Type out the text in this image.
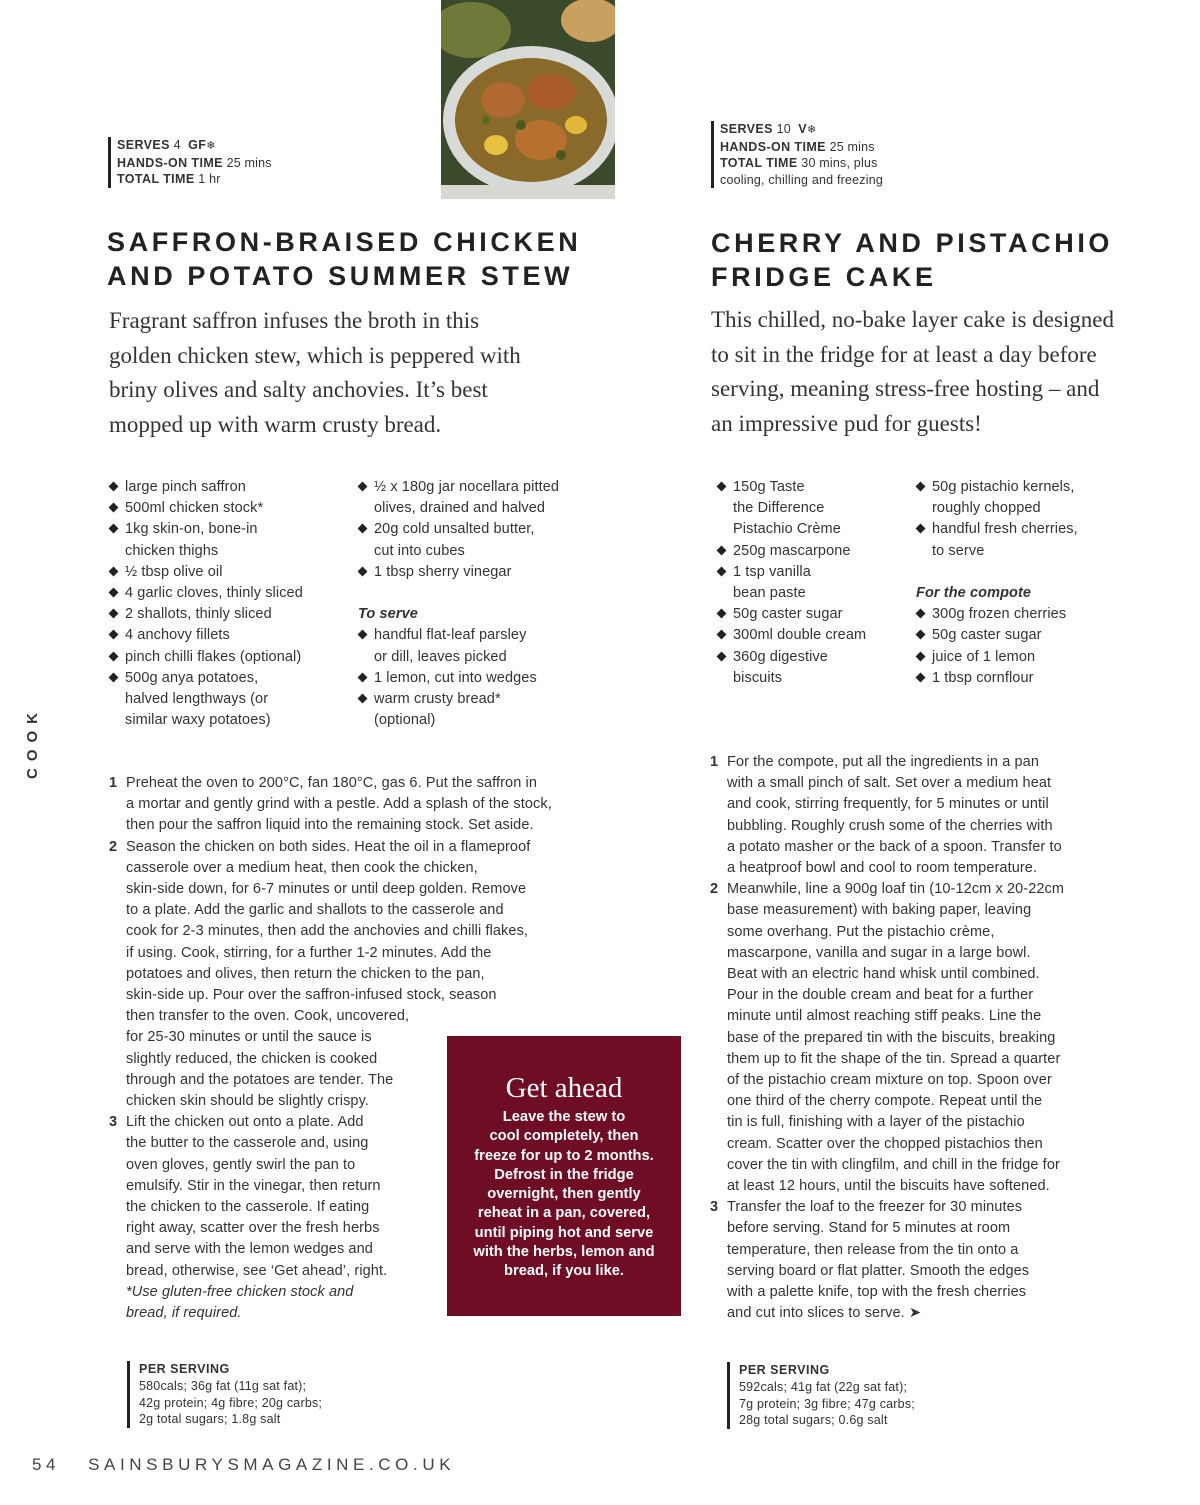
SERVES 4 GF❄
HANDS-ON TIME 25 mins
TOTAL TIME 1 hr
SERVES 10 V❄
HANDS-ON TIME 25 mins
TOTAL TIME 30 mins, plus
cooling, chilling and freezing
SAFFRON-BRAISED CHICKEN
AND POTATO SUMMER STEW
CHERRY AND PISTACHIO
FRIDGE CAKE
Fragrant saffron infuses the broth in this
golden chicken stew, which is peppered with
briny olives and salty anchovies. It’s best
mopped up with warm crusty bread.
This chilled, no-bake layer cake is designed
to sit in the fridge for at least a day before
serving, meaning stress-free hosting – and
an impressive pud for guests!
large pinch saffron
500ml chicken stock*
1kg skin-on, bone-in
chicken thighs
½ tbsp olive oil
4 garlic cloves, thinly sliced
2 shallots, thinly sliced
4 anchovy fillets
pinch chilli flakes (optional)
500g anya potatoes,
halved lengthways (or
similar waxy potatoes)
½ x 180g jar nocellara pitted
olives, drained and halved
20g cold unsalted butter,
cut into cubes
1 tbsp sherry vinegar
To serve
handful flat-leaf parsley
or dill, leaves picked
1 lemon, cut into wedges
warm crusty bread*
(optional)
150g Taste
the Difference
Pistachio Crème
250g mascarpone
1 tsp vanilla
bean paste
50g caster sugar
300ml double cream
360g digestive
biscuits
50g pistachio kernels,
roughly chopped
handful fresh cherries,
to serve
For the compote
300g frozen cherries
50g caster sugar
juice of 1 lemon
1 tbsp cornflour
1 Preheat the oven to 200°C, fan 180°C, gas 6. Put the saffron in
a mortar and gently grind with a pestle. Add a splash of the stock,
then pour the saffron liquid into the remaining stock. Set aside.
2 Season the chicken on both sides. Heat the oil in a flameproof
casserole over a medium heat, then cook the chicken,
skin-side down, for 6-7 minutes or until deep golden. Remove
to a plate. Add the garlic and shallots to the casserole and
cook for 2-3 minutes, then add the anchovies and chilli flakes,
if using. Cook, stirring, for a further 1-2 minutes. Add the
potatoes and olives, then return the chicken to the pan,
skin-side up. Pour over the saffron-infused stock, season
then transfer to the oven. Cook, uncovered,
for 25-30 minutes or until the sauce is
slightly reduced, the chicken is cooked
through and the potatoes are tender. The
chicken skin should be slightly crispy.
3 Lift the chicken out onto a plate. Add
the butter to the casserole and, using
oven gloves, gently swirl the pan to
emulsify. Stir in the vinegar, then return
the chicken to the casserole. If eating
right away, scatter over the fresh herbs
and serve with the lemon wedges and
bread, otherwise, see ‘Get ahead’, right.
*Use gluten-free chicken stock and
bread, if required.
Get ahead
Leave the stew to
cool completely, then
freeze for up to 2 months.
Defrost in the fridge
overnight, then gently
reheat in a pan, covered,
until piping hot and serve
with the herbs, lemon and
bread, if you like.
1 For the compote, put all the ingredients in a pan
with a small pinch of salt. Set over a medium heat
and cook, stirring frequently, for 5 minutes or until
bubbling. Roughly crush some of the cherries with
a potato masher or the back of a spoon. Transfer to
a heatproof bowl and cool to room temperature.
2 Meanwhile, line a 900g loaf tin (10-12cm x 20-22cm
base measurement) with baking paper, leaving
some overhang. Put the pistachio crème,
mascarpone, vanilla and sugar in a large bowl.
Beat with an electric hand whisk until combined.
Pour in the double cream and beat for a further
minute until almost reaching stiff peaks. Line the
base of the prepared tin with the biscuits, breaking
them up to fit the shape of the tin. Spread a quarter
of the pistachio cream mixture on top. Spoon over
one third of the cherry compote. Repeat until the
tin is full, finishing with a layer of the pistachio
cream. Scatter over the chopped pistachios then
cover the tin with clingfilm, and chill in the fridge for
at least 12 hours, until the biscuits have softened.
3 Transfer the loaf to the freezer for 30 minutes
before serving. Stand for 5 minutes at room
temperature, then release from the tin onto a
serving board or flat platter. Smooth the edges
with a palette knife, top with the fresh cherries
and cut into slices to serve. ➤
PER SERVING
580cals; 36g fat (11g sat fat);
42g protein; 4g fibre; 20g carbs;
2g total sugars; 1.8g salt
PER SERVING
592cals; 41g fat (22g sat fat);
7g protein; 3g fibre; 47g carbs;
28g total sugars; 0.6g salt
COOK
54 SAINSBURYSMAGAZINE.CO.UK
